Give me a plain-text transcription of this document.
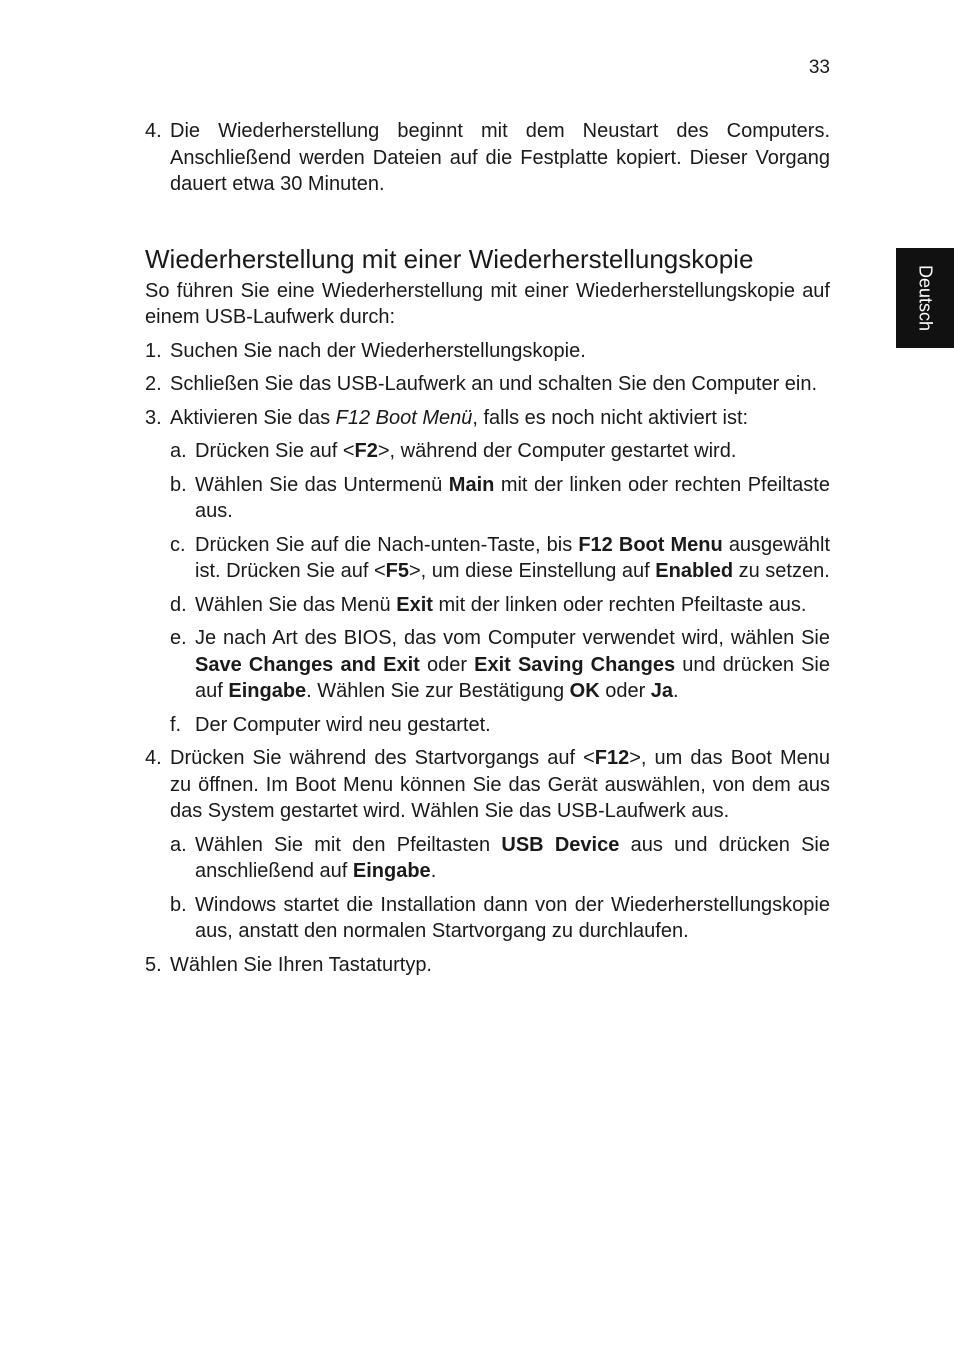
33
Deutsch
4. Die Wiederherstellung beginnt mit dem Neustart des Computers. Anschließend werden Dateien auf die Festplatte kopiert. Dieser Vorgang dauert etwa 30 Minuten.
Wiederherstellung mit einer Wiederherstellungskopie
So führen Sie eine Wiederherstellung mit einer Wiederherstellungskopie auf einem USB-Laufwerk durch:
1. Suchen Sie nach der Wiederherstellungskopie.
2. Schließen Sie das USB-Laufwerk an und schalten Sie den Computer ein.
3. Aktivieren Sie das F12 Boot Menü, falls es noch nicht aktiviert ist:
a. Drücken Sie auf <F2>, während der Computer gestartet wird.
b. Wählen Sie das Untermenü Main mit der linken oder rechten Pfeiltaste aus.
c. Drücken Sie auf die Nach-unten-Taste, bis F12 Boot Menu ausgewählt ist. Drücken Sie auf <F5>, um diese Einstellung auf Enabled zu setzen.
d. Wählen Sie das Menü Exit mit der linken oder rechten Pfeiltaste aus.
e. Je nach Art des BIOS, das vom Computer verwendet wird, wählen Sie Save Changes and Exit oder Exit Saving Changes und drücken Sie auf Eingabe. Wählen Sie zur Bestätigung OK oder Ja.
f. Der Computer wird neu gestartet.
4. Drücken Sie während des Startvorgangs auf <F12>, um das Boot Menu zu öffnen. Im Boot Menu können Sie das Gerät auswählen, von dem aus das System gestartet wird. Wählen Sie das USB-Laufwerk aus.
a. Wählen Sie mit den Pfeiltasten USB Device aus und drücken Sie anschließend auf Eingabe.
b. Windows startet die Installation dann von der Wiederherstellungskopie aus, anstatt den normalen Startvorgang zu durchlaufen.
5. Wählen Sie Ihren Tastaturtyp.
